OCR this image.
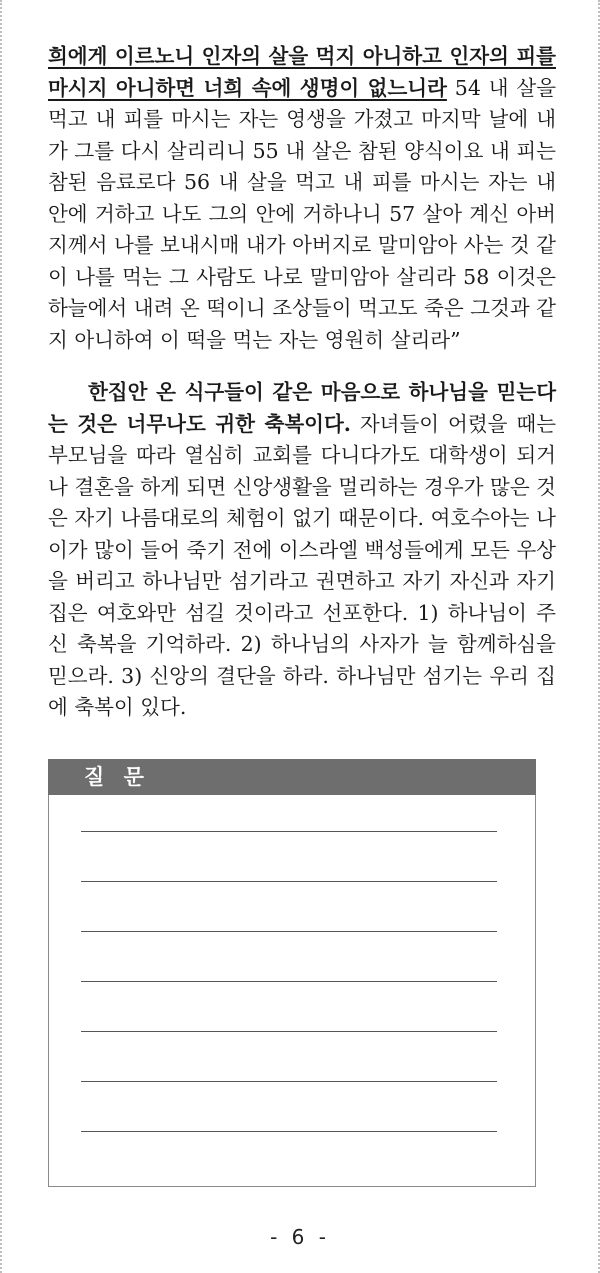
희에게 이르노니 인자의 살을 먹지 아니하고 인자의 피를 마시지 아니하면 너희 속에 생명이 없느니라 54 내 살을 먹고 내 피를 마시는 자는 영생을 가졌고 마지막 날에 내가 그를 다시 살리리니 55 내 살은 참된 양식이요 내 피는 참된 음료로다 56 내 살을 먹고 내 피를 마시는 자는 내 안에 거하고 나도 그의 안에 거하나니 57 살아 계신 아버지께서 나를 보내시매 내가 아버지로 말미암아 사는 것 같이 나를 먹는 그 사람도 나로 말미암아 살리라 58 이것은 하늘에서 내려 온 떡이니 조상들이 먹고도 죽은 그것과 같지 아니하여 이 떡을 먹는 자는 영원히 살리라”
한집안 온 식구들이 같은 마음으로 하나님을 믿는다는 것은 너무나도 귀한 축복이다. 자녀들이 어렸을 때는 부모님을 따라 열심히 교회를 다니다가도 대학생이 되거나 결혼을 하게 되면 신앙생활을 멀리하는 경우가 많은 것은 자기 나름대로의 체험이 없기 때문이다. 여호수아는 나이가 많이 들어 죽기 전에 이스라엘 백성들에게 모든 우상을 버리고 하나님만 섬기라고 권면하고 자기 자신과 자기 집은 여호와만 섬길 것이라고 선포한다. 1) 하나님이 주신 축복을 기억하라. 2) 하나님의 사자가 늘 함께하심을 믿으라. 3) 신앙의 결단을 하라. 하나님만 섬기는 우리 집에 축복이 있다.
질 문
- 6 -
